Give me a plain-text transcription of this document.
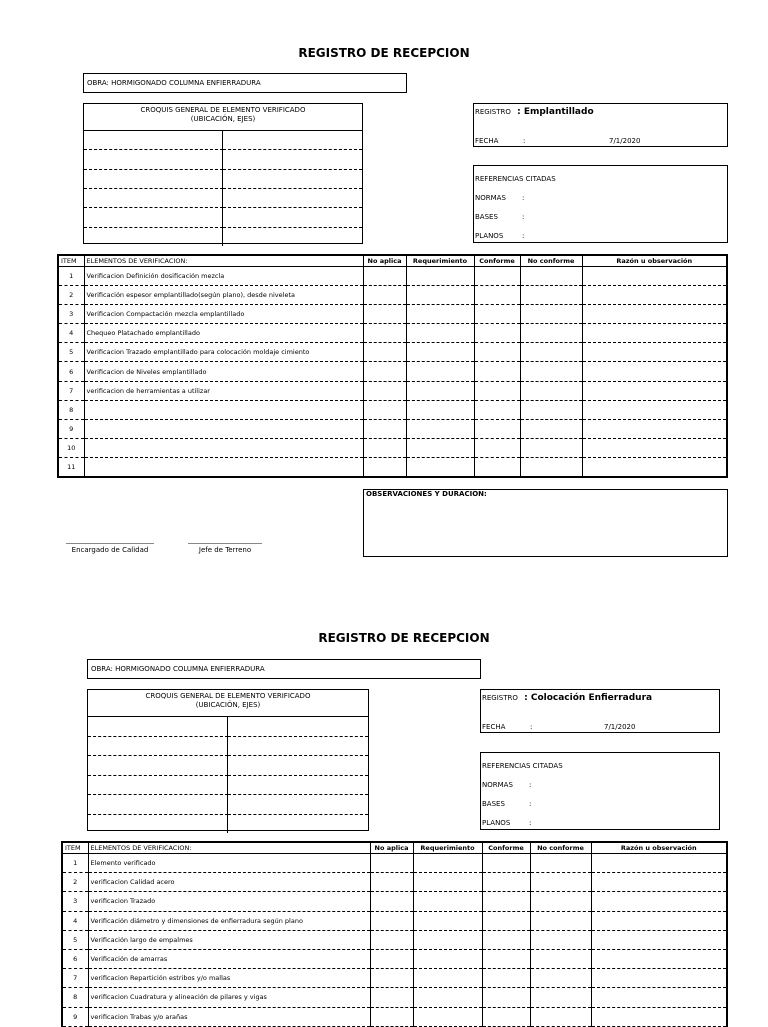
REGISTRO DE RECEPCION
OBRA: HORMIGONADO COLUMNA ENFIERRADURA
CROQUIS GENERAL DE ELEMENTO VERIFICADO
(UBICACIÓN, EJES)
REGISTRO : Emplantillado
FECHA	:	7/1/2020
REFERENCIAS CITADAS
NORMAS :
BASES	:
PLANOS	:
ITEM	ELEMENTOS DE VERIFICACION:	No aplica	Requerimiento	Conforme	No conforme	Razón u observación
1	Verificacion Definición dosificación mezcla					
2	Verificación espesor emplantillado(según plano), desde niveleta					
3	Verificacion Compactación mezcla emplantillado					
4	Chequeo Platachado emplantillado					
5	Verificacion Trazado emplantillado para colocación moldaje cimiento					
6	Verificacion de Niveles emplantillado					
7	verificacion de herramientas a utilizar					
8						
9						
10						
11						
OBSERVACIONES Y DURACION:
Encargado de Calidad	Jefe de Terreno
REGISTRO DE RECEPCION
OBRA: HORMIGONADO COLUMNA ENFIERRADURA
CROQUIS GENERAL DE ELEMENTO VERIFICADO
(UBICACIÓN, EJES)
REGISTRO : Colocación Enfierradura
FECHA	:	7/1/2020
REFERENCIAS CITADAS
NORMAS :
BASES	:
PLANOS	:
ITEM	ELEMENTOS DE VERIFICACION:	No aplica	Requerimiento	Conforme	No conforme	Razón u observación
1	Elemento verificado					
2	verificacion Calidad acero					
3	verificacion Trazado					
4	Verificación diámetro y dimensiones de enfierradura según plano					
5	Verificación largo de empalmes					
6	Verificación de amarras					
7	verificacion Repartición estribos y/o mallas					
8	verificacion Cuadratura y alineación de pilares y vigas					
9	verificacion Trabas y/o arañas					
